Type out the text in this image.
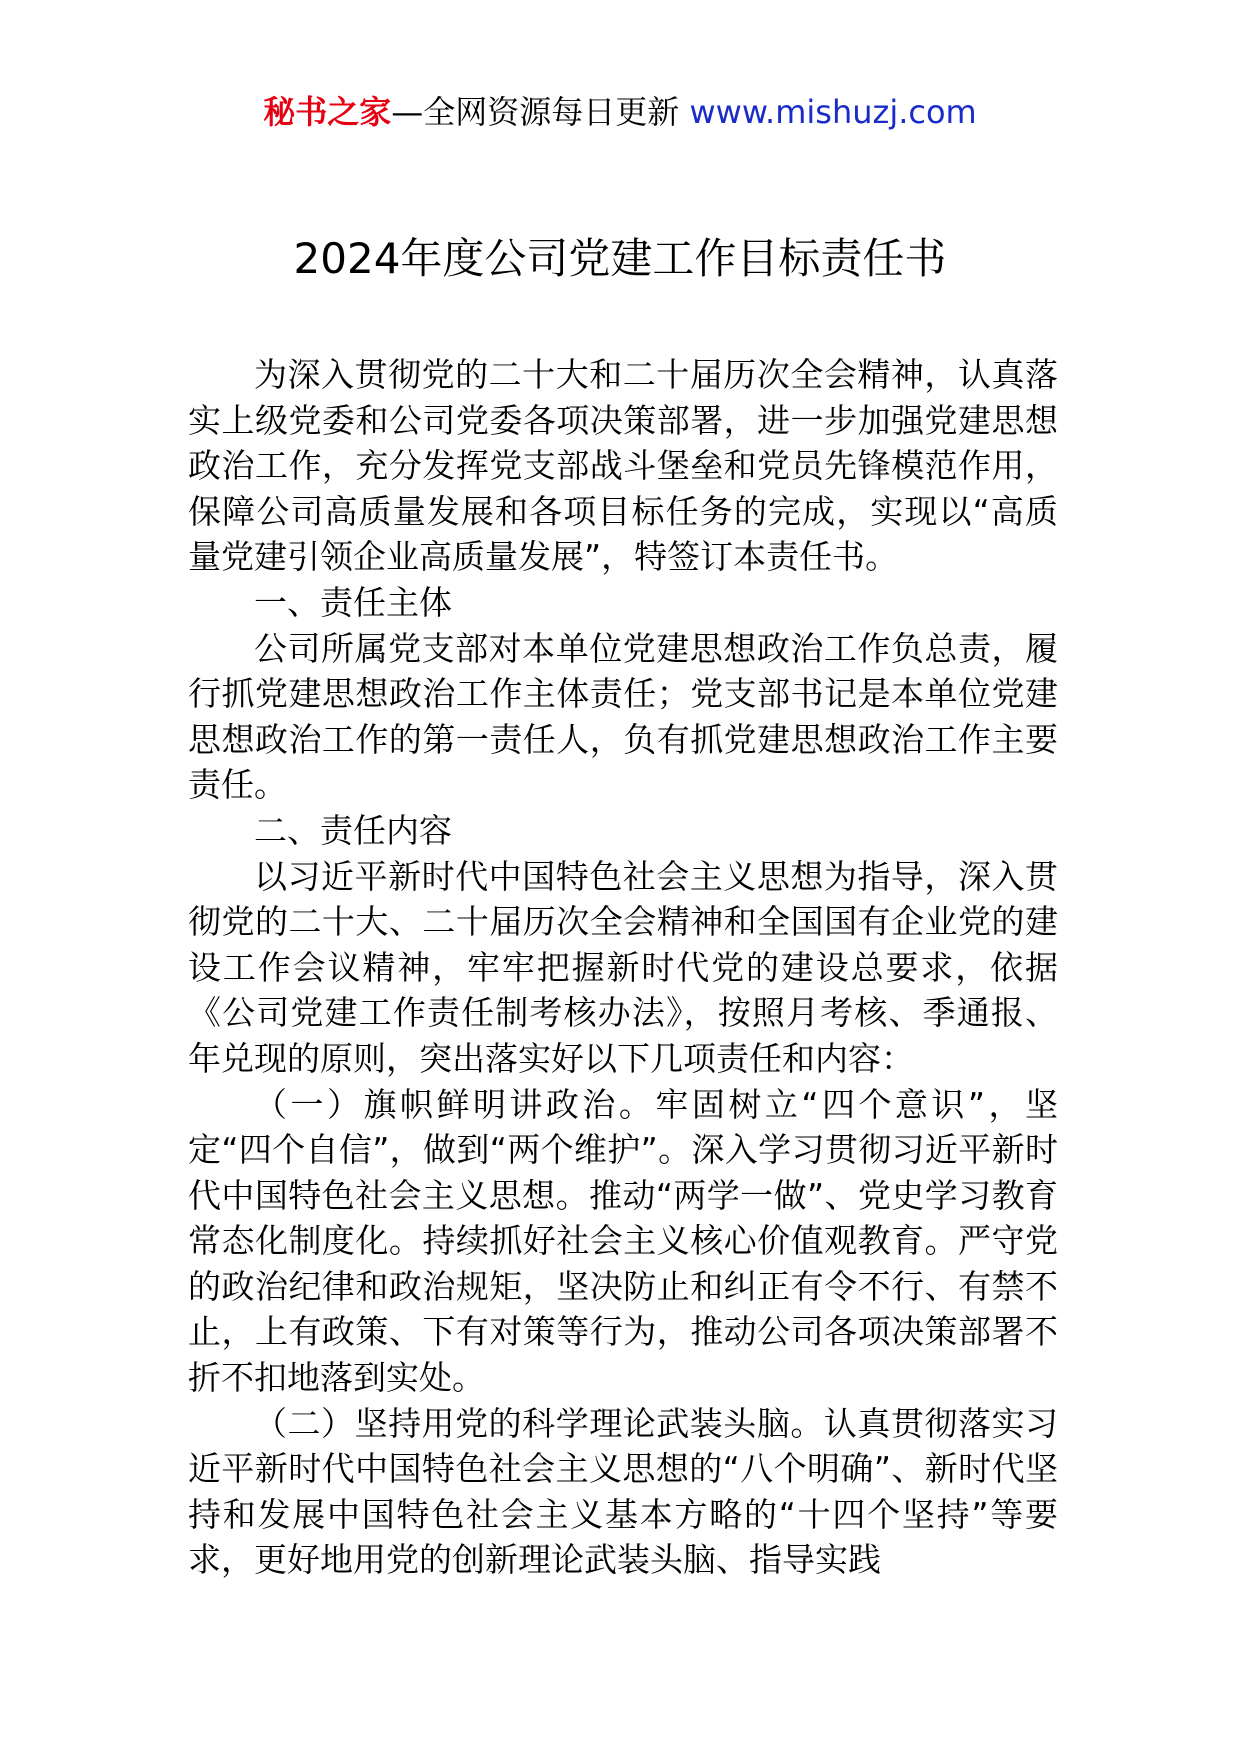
秘书之家—全网资源每日更新 www.mishuzj.com
2024年度公司党建工作目标责任书

为深入贯彻党的二十大和二十届历次全会精神，认真落实上级党委和公司党委各项决策部署，进一步加强党建思想政治工作，充分发挥党支部战斗堡垒和党员先锋模范作用，保障公司高质量发展和各项目标任务的完成，实现以“高质量党建引领企业高质量发展”，特签订本责任书。

一、责任主体

公司所属党支部对本单位党建思想政治工作负总责，履行抓党建思想政治工作主体责任；党支部书记是本单位党建思想政治工作的第一责任人，负有抓党建思想政治工作主要责任。

二、责任内容

以习近平新时代中国特色社会主义思想为指导，深入贯彻党的二十大、二十届历次全会精神和全国国有企业党的建设工作会议精神，牢牢把握新时代党的建设总要求，依据《公司党建工作责任制考核办法》，按照月考核、季通报、年兑现的原则，突出落实好以下几项责任和内容：

（一）旗帜鲜明讲政治。牢固树立“四个意识”，坚定“四个自信”，做到“两个维护”。深入学习贯彻习近平新时代中国特色社会主义思想。推动“两学一做”、党史学习教育常态化制度化。持续抓好社会主义核心价值观教育。严守党的政治纪律和政治规矩，坚决防止和纠正有令不行、有禁不止，上有政策、下有对策等行为，推动公司各项决策部署不折不扣地落到实处。

（二）坚持用党的科学理论武装头脑。认真贯彻落实习近平新时代中国特色社会主义思想的“八个明确”、新时代坚持和发展中国特色社会主义基本方略的“十四个坚持”等要求，更好地用党的创新理论武装头脑、指导实践
